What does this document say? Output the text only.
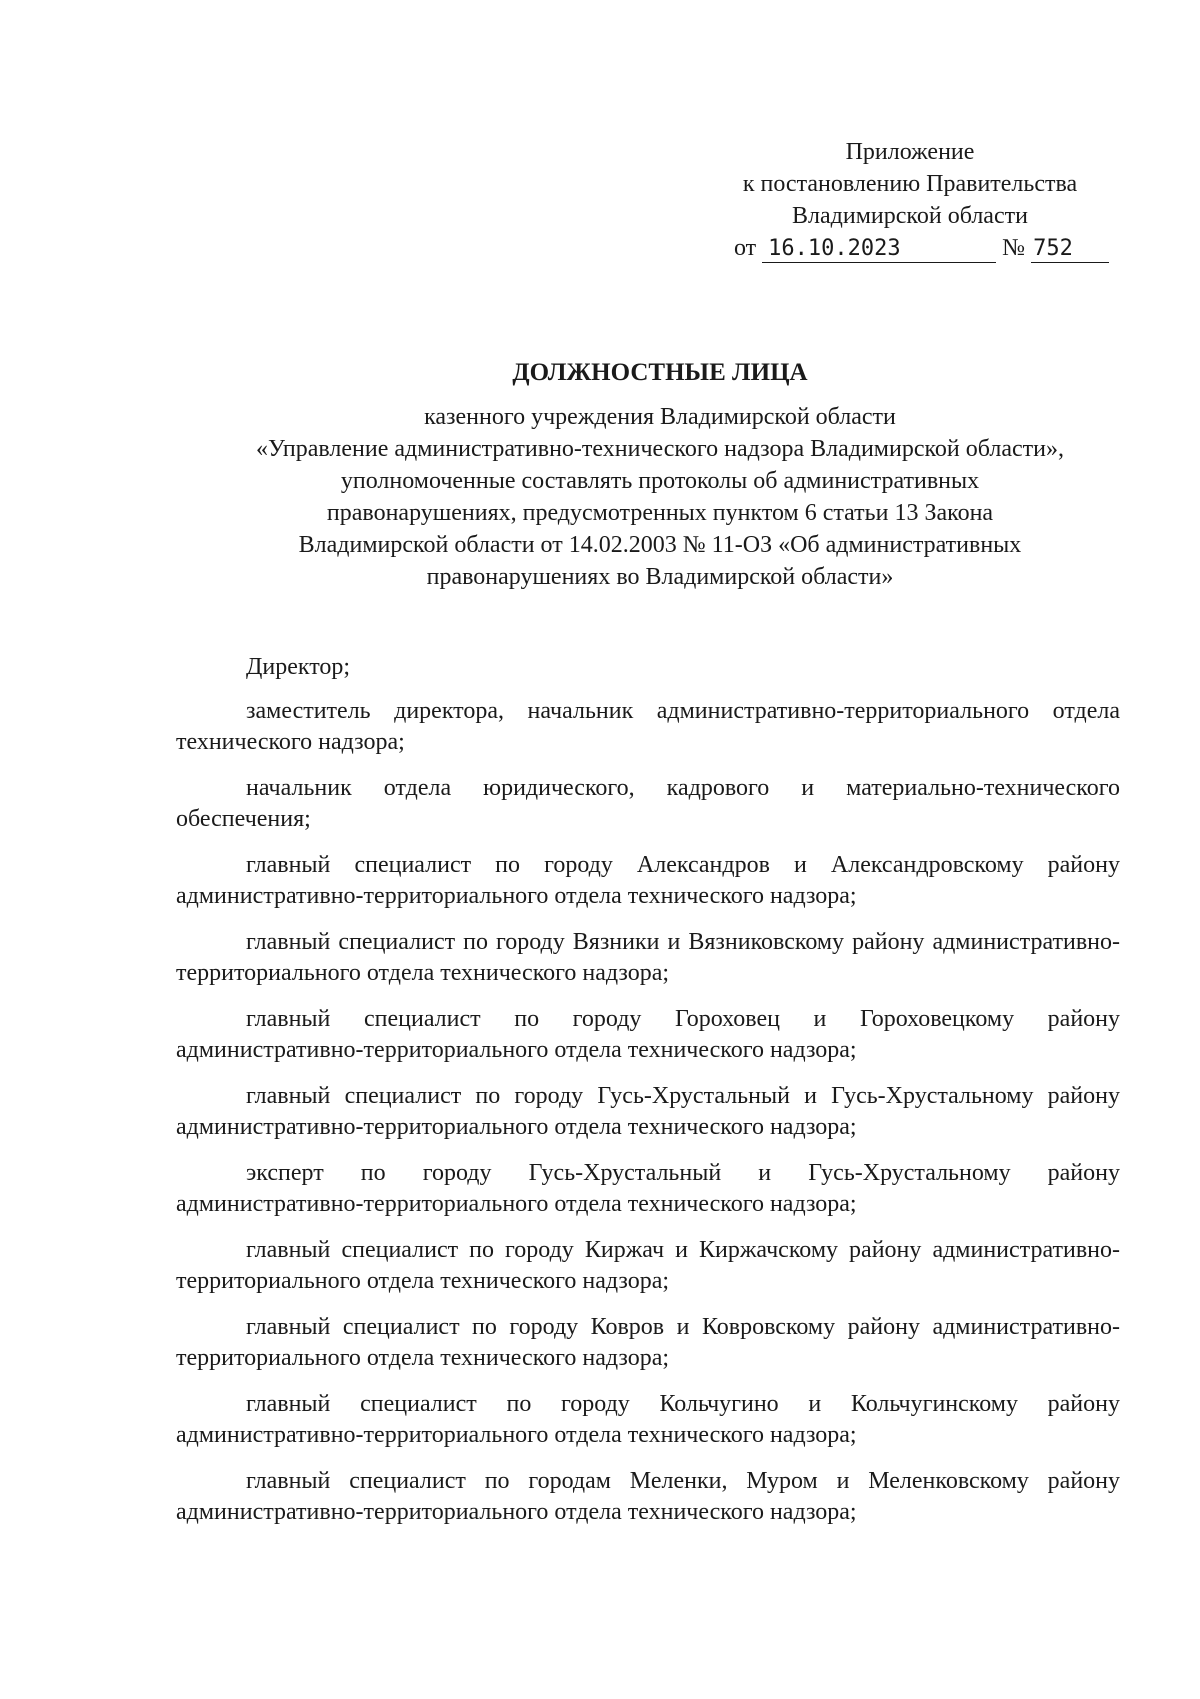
Приложение
к постановлению Правительства
Владимирской области
от 16.10.2023	№ 752
ДОЛЖНОСТНЫЕ ЛИЦА
казенного учреждения Владимирской области
«Управление административно-технического надзора Владимирской области»,
уполномоченные составлять протоколы об административных
правонарушениях, предусмотренных пунктом 6 статьи 13 Закона
Владимирской области от 14.02.2003 № 11-ОЗ «Об административных
правонарушениях во Владимирской области»

Директор;

заместитель директора, начальник административно-территориального отдела технического надзора;

начальник отдела юридического, кадрового и материально-технического обеспечения;

главный специалист по городу Александров и Александровскому району административно-территориального отдела технического надзора;

главный специалист по городу Вязники и Вязниковскому району административно-территориального отдела технического надзора;

главный специалист по городу Гороховец и Гороховецкому району административно-территориального отдела технического надзора;

главный специалист по городу Гусь-Хрустальный и Гусь-Хрустальному району административно-территориального отдела технического надзора;

эксперт по городу Гусь-Хрустальный и Гусь-Хрустальному району административно-территориального отдела технического надзора;

главный специалист по городу Киржач и Киржачскому району административно-территориального отдела технического надзора;

главный специалист по городу Ковров и Ковровскому району административно-территориального отдела технического надзора;

главный специалист по городу Кольчугино и Кольчугинскому району административно-территориального отдела технического надзора;

главный специалист по городам Меленки, Муром и Меленковскому району административно-территориального отдела технического надзора;
